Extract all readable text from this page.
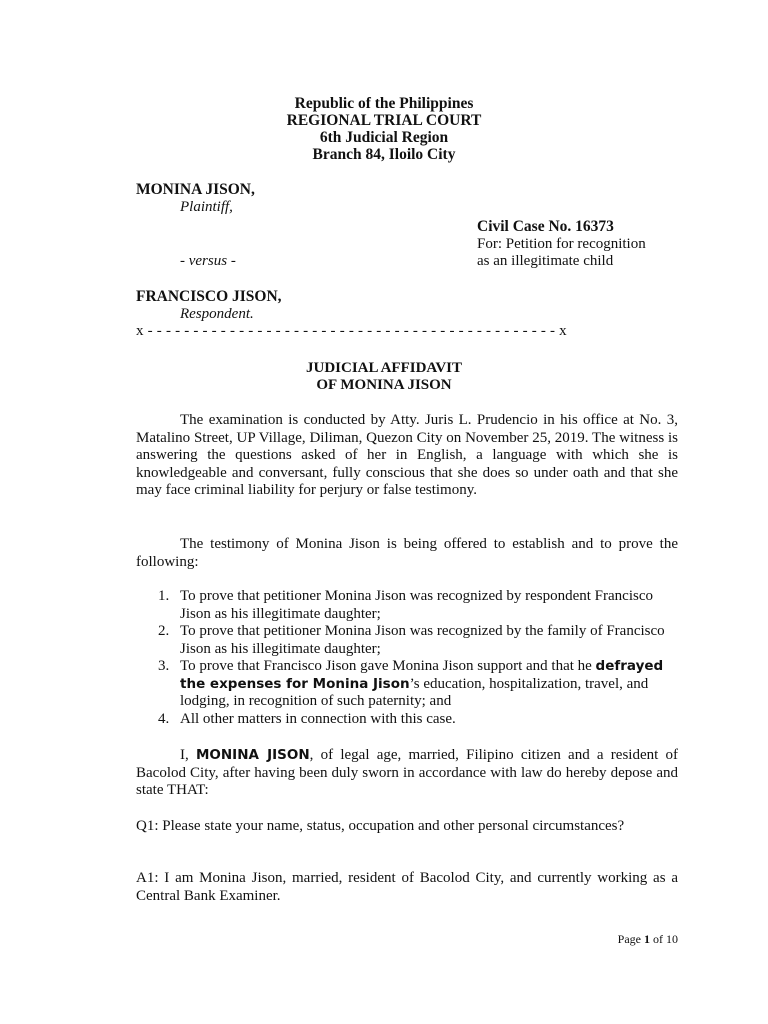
Republic of the Philippines
REGIONAL TRIAL COURT
6th Judicial Region
Branch 84, Iloilo City
MONINA JISON,
Plaintiff,
Civil Case No. 16373
For: Petition for recognition
as an illegitimate child
- versus -
FRANCISCO JISON,
Respondent.
x - - - - - - - - - - - - - - - - - - - - - - - - - - - - - - - - - - - - - - - - - - - - - x
JUDICIAL AFFIDAVIT
OF MONINA JISON
The examination is conducted by Atty. Juris L. Prudencio in his office at No. 3, Matalino Street, UP Village, Diliman, Quezon City on November 25, 2019. The witness is answering the questions asked of her in English, a language with which she is knowledgeable and conversant, fully conscious that she does so under oath and that she may face criminal liability for perjury or false testimony.
The testimony of Monina Jison is being offered to establish and to prove the following:
1. To prove that petitioner Monina Jison was recognized by respondent Francisco Jison as his illegitimate daughter;
2. To prove that petitioner Monina Jison was recognized by the family of Francisco Jison as his illegitimate daughter;
3. To prove that Francisco Jison gave Monina Jison support and that he defrayed the expenses for Monina Jison’s education, hospitalization, travel, and lodging, in recognition of such paternity; and
4. All other matters in connection with this case.
I, MONINA JISON, of legal age, married, Filipino citizen and a resident of Bacolod City, after having been duly sworn in accordance with law do hereby depose and state THAT:
Q1: Please state your name, status, occupation and other personal circumstances?
A1: I am Monina Jison, married, resident of Bacolod City, and currently working as a Central Bank Examiner.
Page 1 of 10
